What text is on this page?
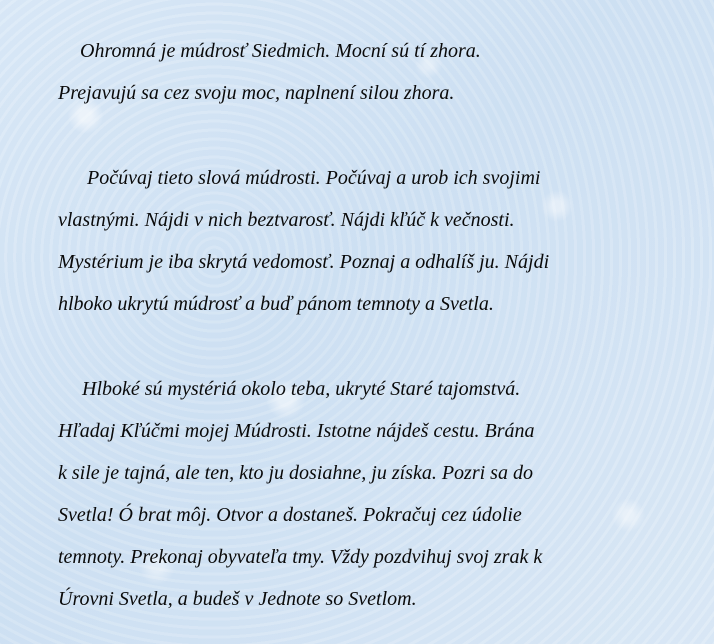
Ohromná je múdrosť Siedmich. Mocní sú tí zhora.
Prejavujú sa cez svoju moc, naplnení silou zhora.

Počúvaj tieto slová múdrosti. Počúvaj a urob ich svojimi
vlastnými. Nájdi v nich beztvarosť. Nájdi kľúč k večnosti.
Mystérium je iba skrytá vedomosť. Poznaj a odhalíš ju. Nájdi
hlboko ukrytú múdrosť a buď pánom temnoty a Svetla.

Hlboké sú mystériá okolo teba, ukryté Staré tajomstvá.
Hľadaj Kľúčmi mojej Múdrosti. Istotne nájdeš cestu. Brána
k sile je tajná, ale ten, kto ju dosiahne, ju získa. Pozri sa do
Svetla! Ó brat môj. Otvor a dostaneš. Pokračuj cez údolie
temnoty. Prekonaj obyvateľa tmy. Vždy pozdvihuj svoj zrak k
Úrovni Svetla, a budeš v Jednote so Svetlom.
